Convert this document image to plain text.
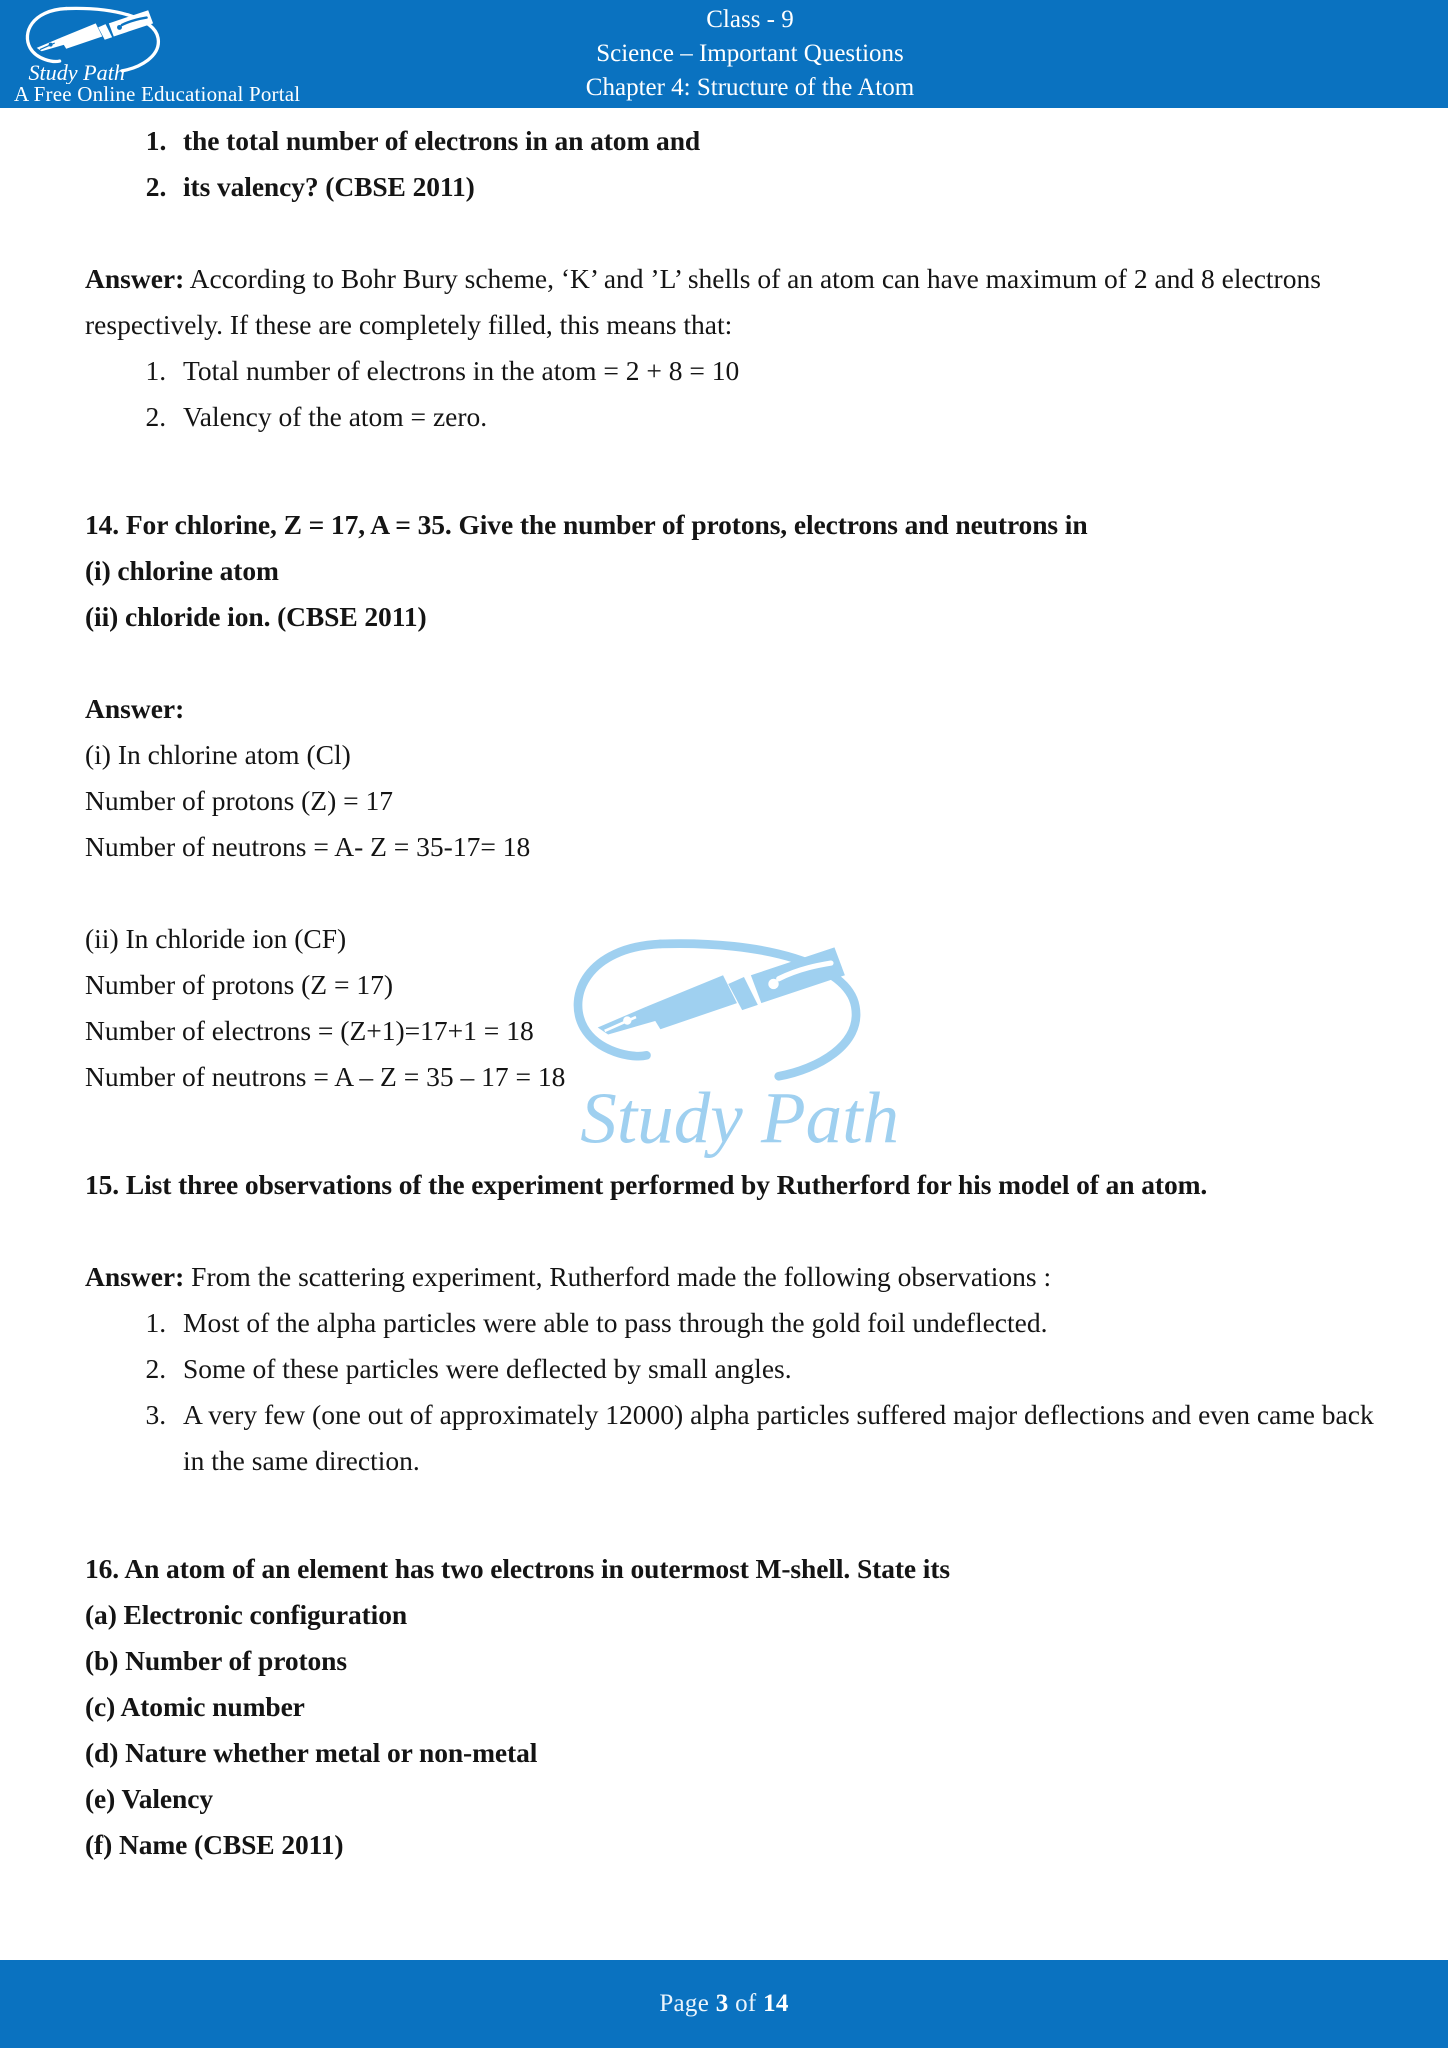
Study Path
A Free Online Educational Portal
Class - 9
Science – Important Questions
Chapter 4: Structure of the Atom
Study Path
1. the total number of electrons in an atom and
2. its valency? (CBSE 2011)

Answer: According to Bohr Bury scheme, ‘K’ and ’L’ shells of an atom can have maximum of 2 and 8 electrons respectively. If these are completely filled, this means that:

1. Total number of electrons in the atom = 2 + 8 = 10
2. Valency of the atom = zero.

14. For chlorine, Z = 17, A = 35. Give the number of protons, electrons and neutrons in

(i) chlorine atom

(ii) chloride ion. (CBSE 2011)

Answer:

(i) In chlorine atom (Cl)

Number of protons (Z) = 17

Number of neutrons = A- Z = 35-17= 18

(ii) In chloride ion (CF)

Number of protons (Z = 17)

Number of electrons = (Z+1)=17+1 = 18

Number of neutrons = A – Z = 35 – 17 = 18

15. List three observations of the experiment performed by Rutherford for his model of an atom.

Answer: From the scattering experiment, Rutherford made the following observations :

1. Most of the alpha particles were able to pass through the gold foil undeflected.
2. Some of these particles were deflected by small angles.
3. A very few (one out of approximately 12000) alpha particles suffered major deflections and even came back in the same direction.

16. An atom of an element has two electrons in outermost M-shell. State its

(a) Electronic configuration

(b) Number of protons

(c) Atomic number

(d) Nature whether metal or non-metal

(e) Valency

(f) Name (CBSE 2011)

Page 3 of 14
